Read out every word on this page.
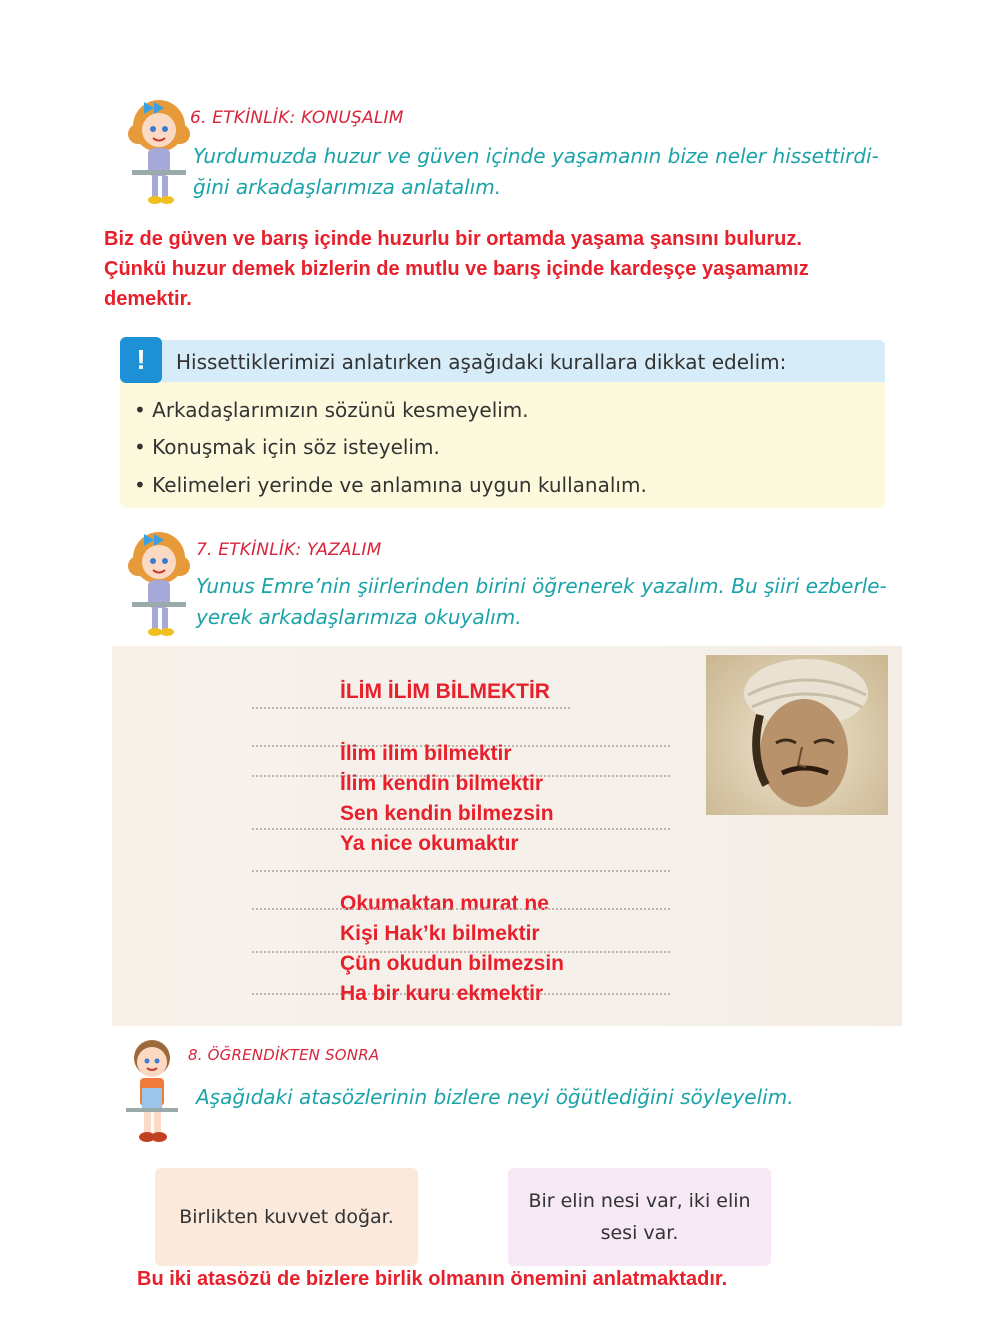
6. ETKİNLİK: KONUŞALIM
Yurdumuzda huzur ve güven içinde yaşamanın bize neler hissettirdi-
ğini arkadaşlarımıza anlatalım.
Biz de güven ve barış içinde huzurlu bir ortamda yaşama şansını buluruz.
Çünkü huzur demek bizlerin de mutlu ve barış içinde kardeşçe yaşamamız
demektir.
!	Hissettiklerimizi anlatırken aşağıdaki kurallara dikkat edelim:
• Arkadaşlarımızın sözünü kesmeyelim.
• Konuşmak için söz isteyelim.
• Kelimeleri yerinde ve anlamına uygun kullanalım.
7. ETKİNLİK: YAZALIM
Yunus Emre’nin şiirlerinden birini öğrenerek yazalım. Bu şiiri ezberle-
yerek arkadaşlarımıza okuyalım.
İLİM İLİM BİLMEKTİR
İlim ilim bilmektir
İlim kendin bilmektir
Sen kendin bilmezsin
Ya nice okumaktır
Okumaktan murat ne
Kişi Hak’kı bilmektir
Çün okudun bilmezsin
Ha bir kuru ekmektir
8. ÖĞRENDİKTEN SONRA
Aşağıdaki atasözlerinin bizlere neyi öğütlediğini söyleyelim.
Birlikten kuvvet doğar.
Bir elin nesi var, iki elin
sesi var.
Bu iki atasözü de bizlere birlik olmanın önemini anlatmaktadır.
